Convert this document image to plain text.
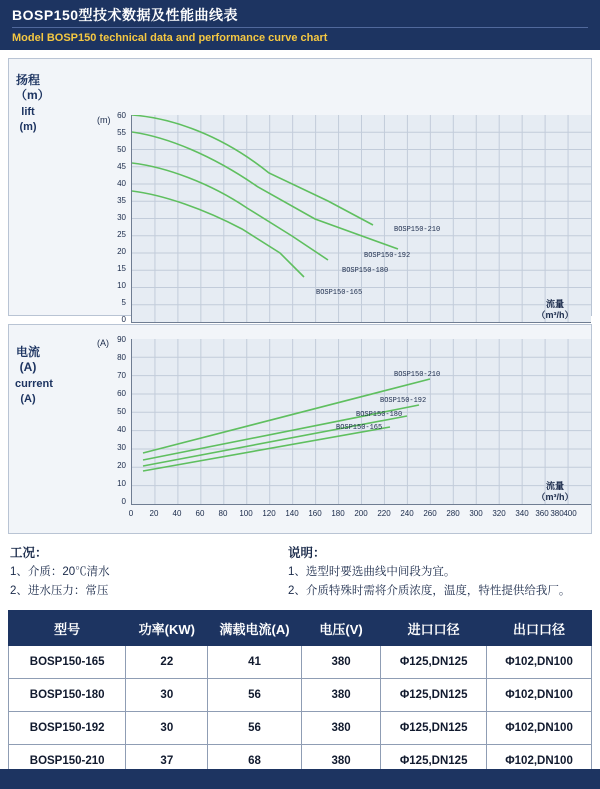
BOSP150型技术数据及性能曲线表
Model BOSP150 technical data and performance curve chart
扬程（m）
lift (m)
(m) 60
55
50
45
40
35
30
25
20
15
10
5
0
BOSP150-210
BOSP150-192
BOSP150-180
BOSP150-165
流量
（m³/h）
电流 (A)
current (A)
(A)	90
80
70
60
50
40
30
20
10
0
BOSP150-210
BOSP150-192
BOSP150-180
BOSP150-165
0	20	40	60	80	100 120 140 160 180 200 220 240 260 280 300 320 340 360 380 400
流量
（m³/h）
工况：
1、介质：20℃清水
2、进水压力：常压
说明：
1、选型时要选曲线中间段为宜。
2、介质特殊时需将介质浓度，温度，特性提供给我厂。
型号	功率(KW)	满载电流(A)	电压(V)	进口口径	出口口径
BOSP150-165	22	41	380	Φ125,DN125	Φ102,DN100
BOSP150-180	30	56	380	Φ125,DN125	Φ102,DN100
BOSP150-192	30	56	380	Φ125,DN125	Φ102,DN100
BOSP150-210	37	68	380	Φ125,DN125	Φ102,DN100
